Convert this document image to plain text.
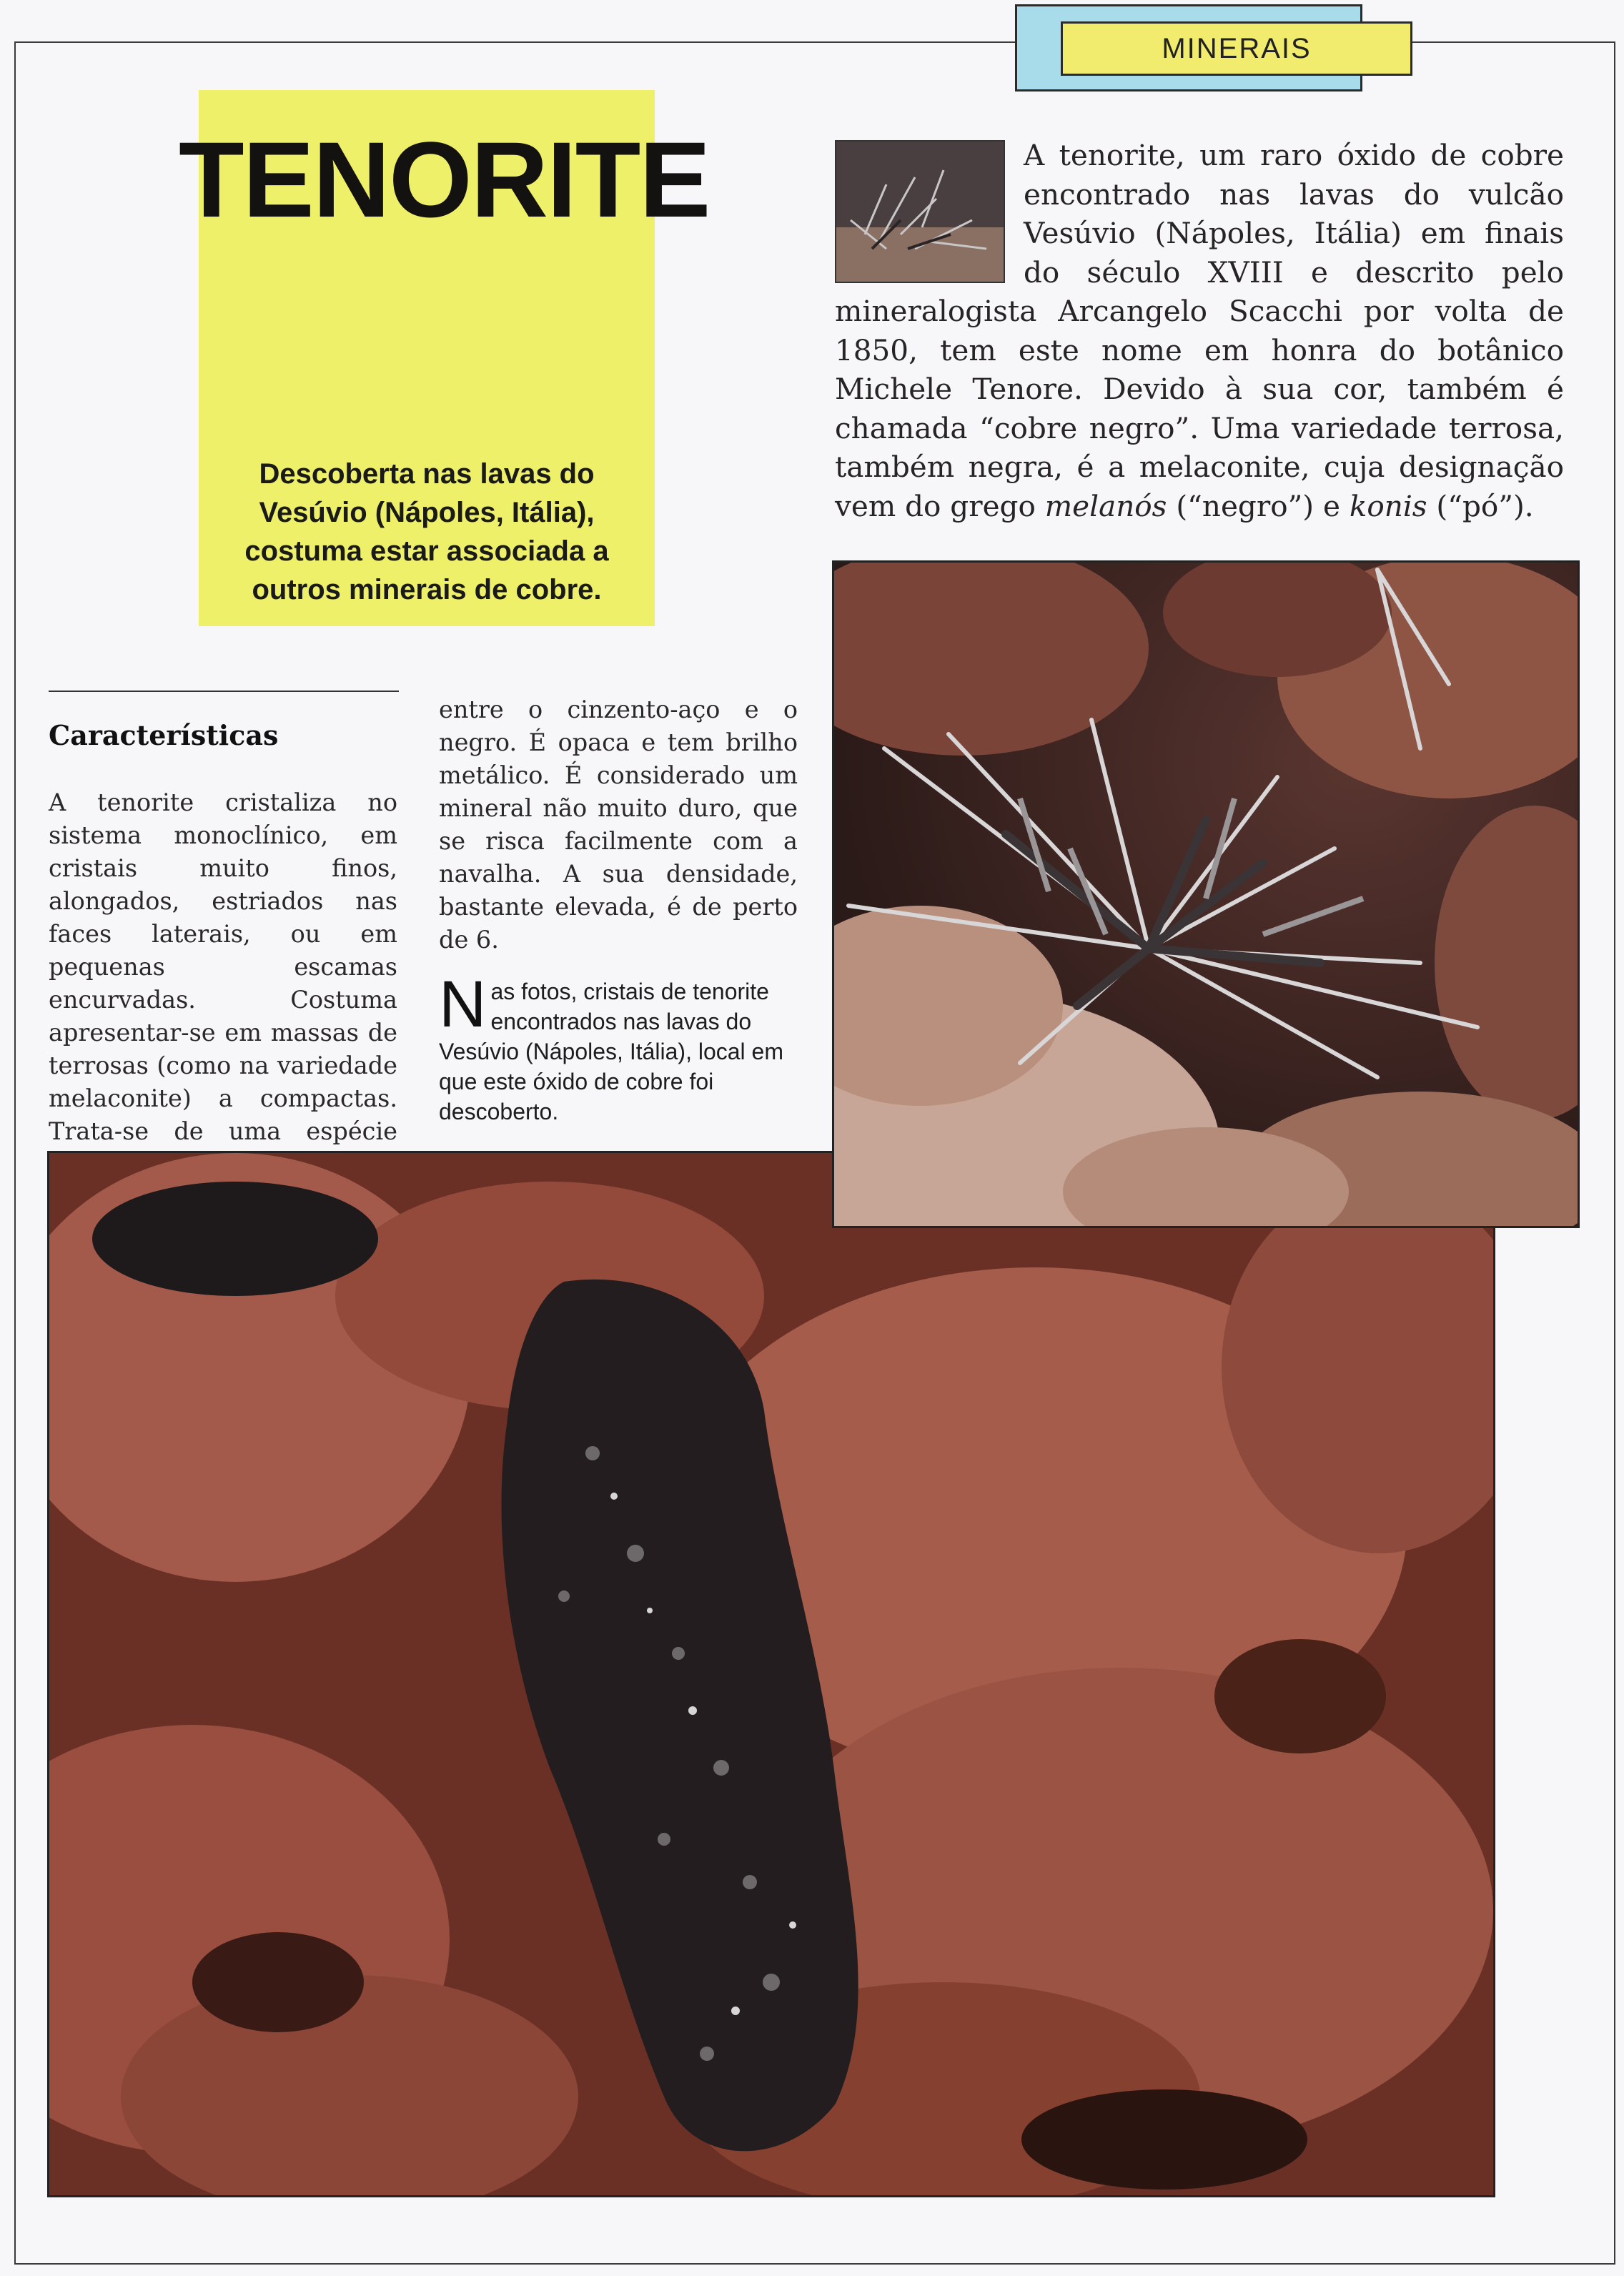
MINERAIS
TENORITE

Descoberta nas lavas do Vesúvio (Nápoles, Itália), costuma estar associada a outros minerais de cobre.

A tenorite, um raro óxido de cobre encontrado nas lavas do vulcão Vesúvio (Nápoles, Itália) em finais do século XVIII e descrito pelo mineralogista Arcangelo Scacchi por volta de 1850, tem este nome em honra do botânico Michele Tenore. Devido à sua cor, também é chamada “cobre negro”. Uma variedade terrosa, também negra, é a melaconite, cuja designação vem do grego melanós (“negro”) e konis (“pó”).

Características

A tenorite cristaliza no sistema monoclínico, em cristais muito finos, alongados, estriados nas faces laterais, ou em pequenas escamas encurvadas. Costuma apresentar-se em massas de terrosas (como na variedade melaconite) a compactas. Trata-se de uma espécie

entre o cinzento-aço e o negro. É opaca e tem brilho metálico. É considerado um mineral não muito duro, que se risca facilmente com a navalha. A sua densidade, bastante elevada, é de perto de 6.

Nas fotos, cristais de tenorite encontrados nas lavas do Vesúvio (Nápoles, Itália), local em que este óxido de cobre foi descoberto.
